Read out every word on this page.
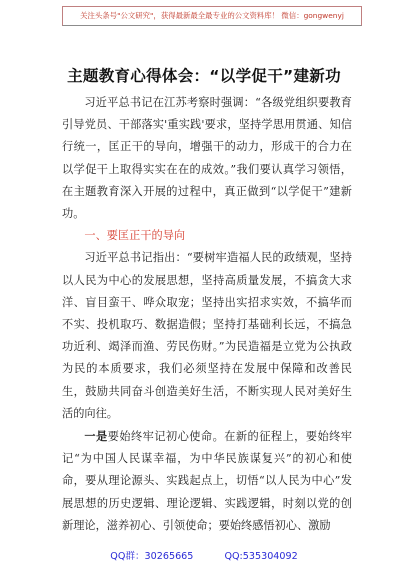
关注头条号"公文研究"，获得最新最全最专业的公文资料库！ 微信：gongwenyj
主题教育心得体会：“以学促干”建新功

习近平总书记在江苏考察时强调：“各级党组织要教育引导党员、干部落实'重实践'要求，坚持学思用贯通、知信行统一，匡正干的导向，增强干的动力，形成干的合力在以学促干上取得实实在在的成效。”我们要认真学习领悟，在主题教育深入开展的过程中，真正做到“以学促干”建新功。

一、要匡正干的导向

习近平总书记指出：“要树牢造福人民的政绩观，坚持以人民为中心的发展思想，坚持高质量发展，不搞贪大求洋、盲目蛮干、哗众取宠；坚持出实招求实效，不搞华而不实、投机取巧、数据造假；坚持打基础利长远，不搞急功近利、竭泽而渔、劳民伤财。”为民造福是立党为公执政为民的本质要求，我们必须坚持在发展中保障和改善民生，鼓励共同奋斗创造美好生活，不断实现人民对美好生活的向往。

一是要始终牢记初心使命。在新的征程上，要始终牢记“为中国人民谋幸福，为中华民族谋复兴”的初心和使命，要从理论源头、实践起点上，切悟“以人民为中心”发展思想的历史逻辑、理论逻辑、实践逻辑，时刻以党的创新理论，滋养初心、引领使命；要始终感悟初心、激励

QQ群：30265665	QQ:535304092
